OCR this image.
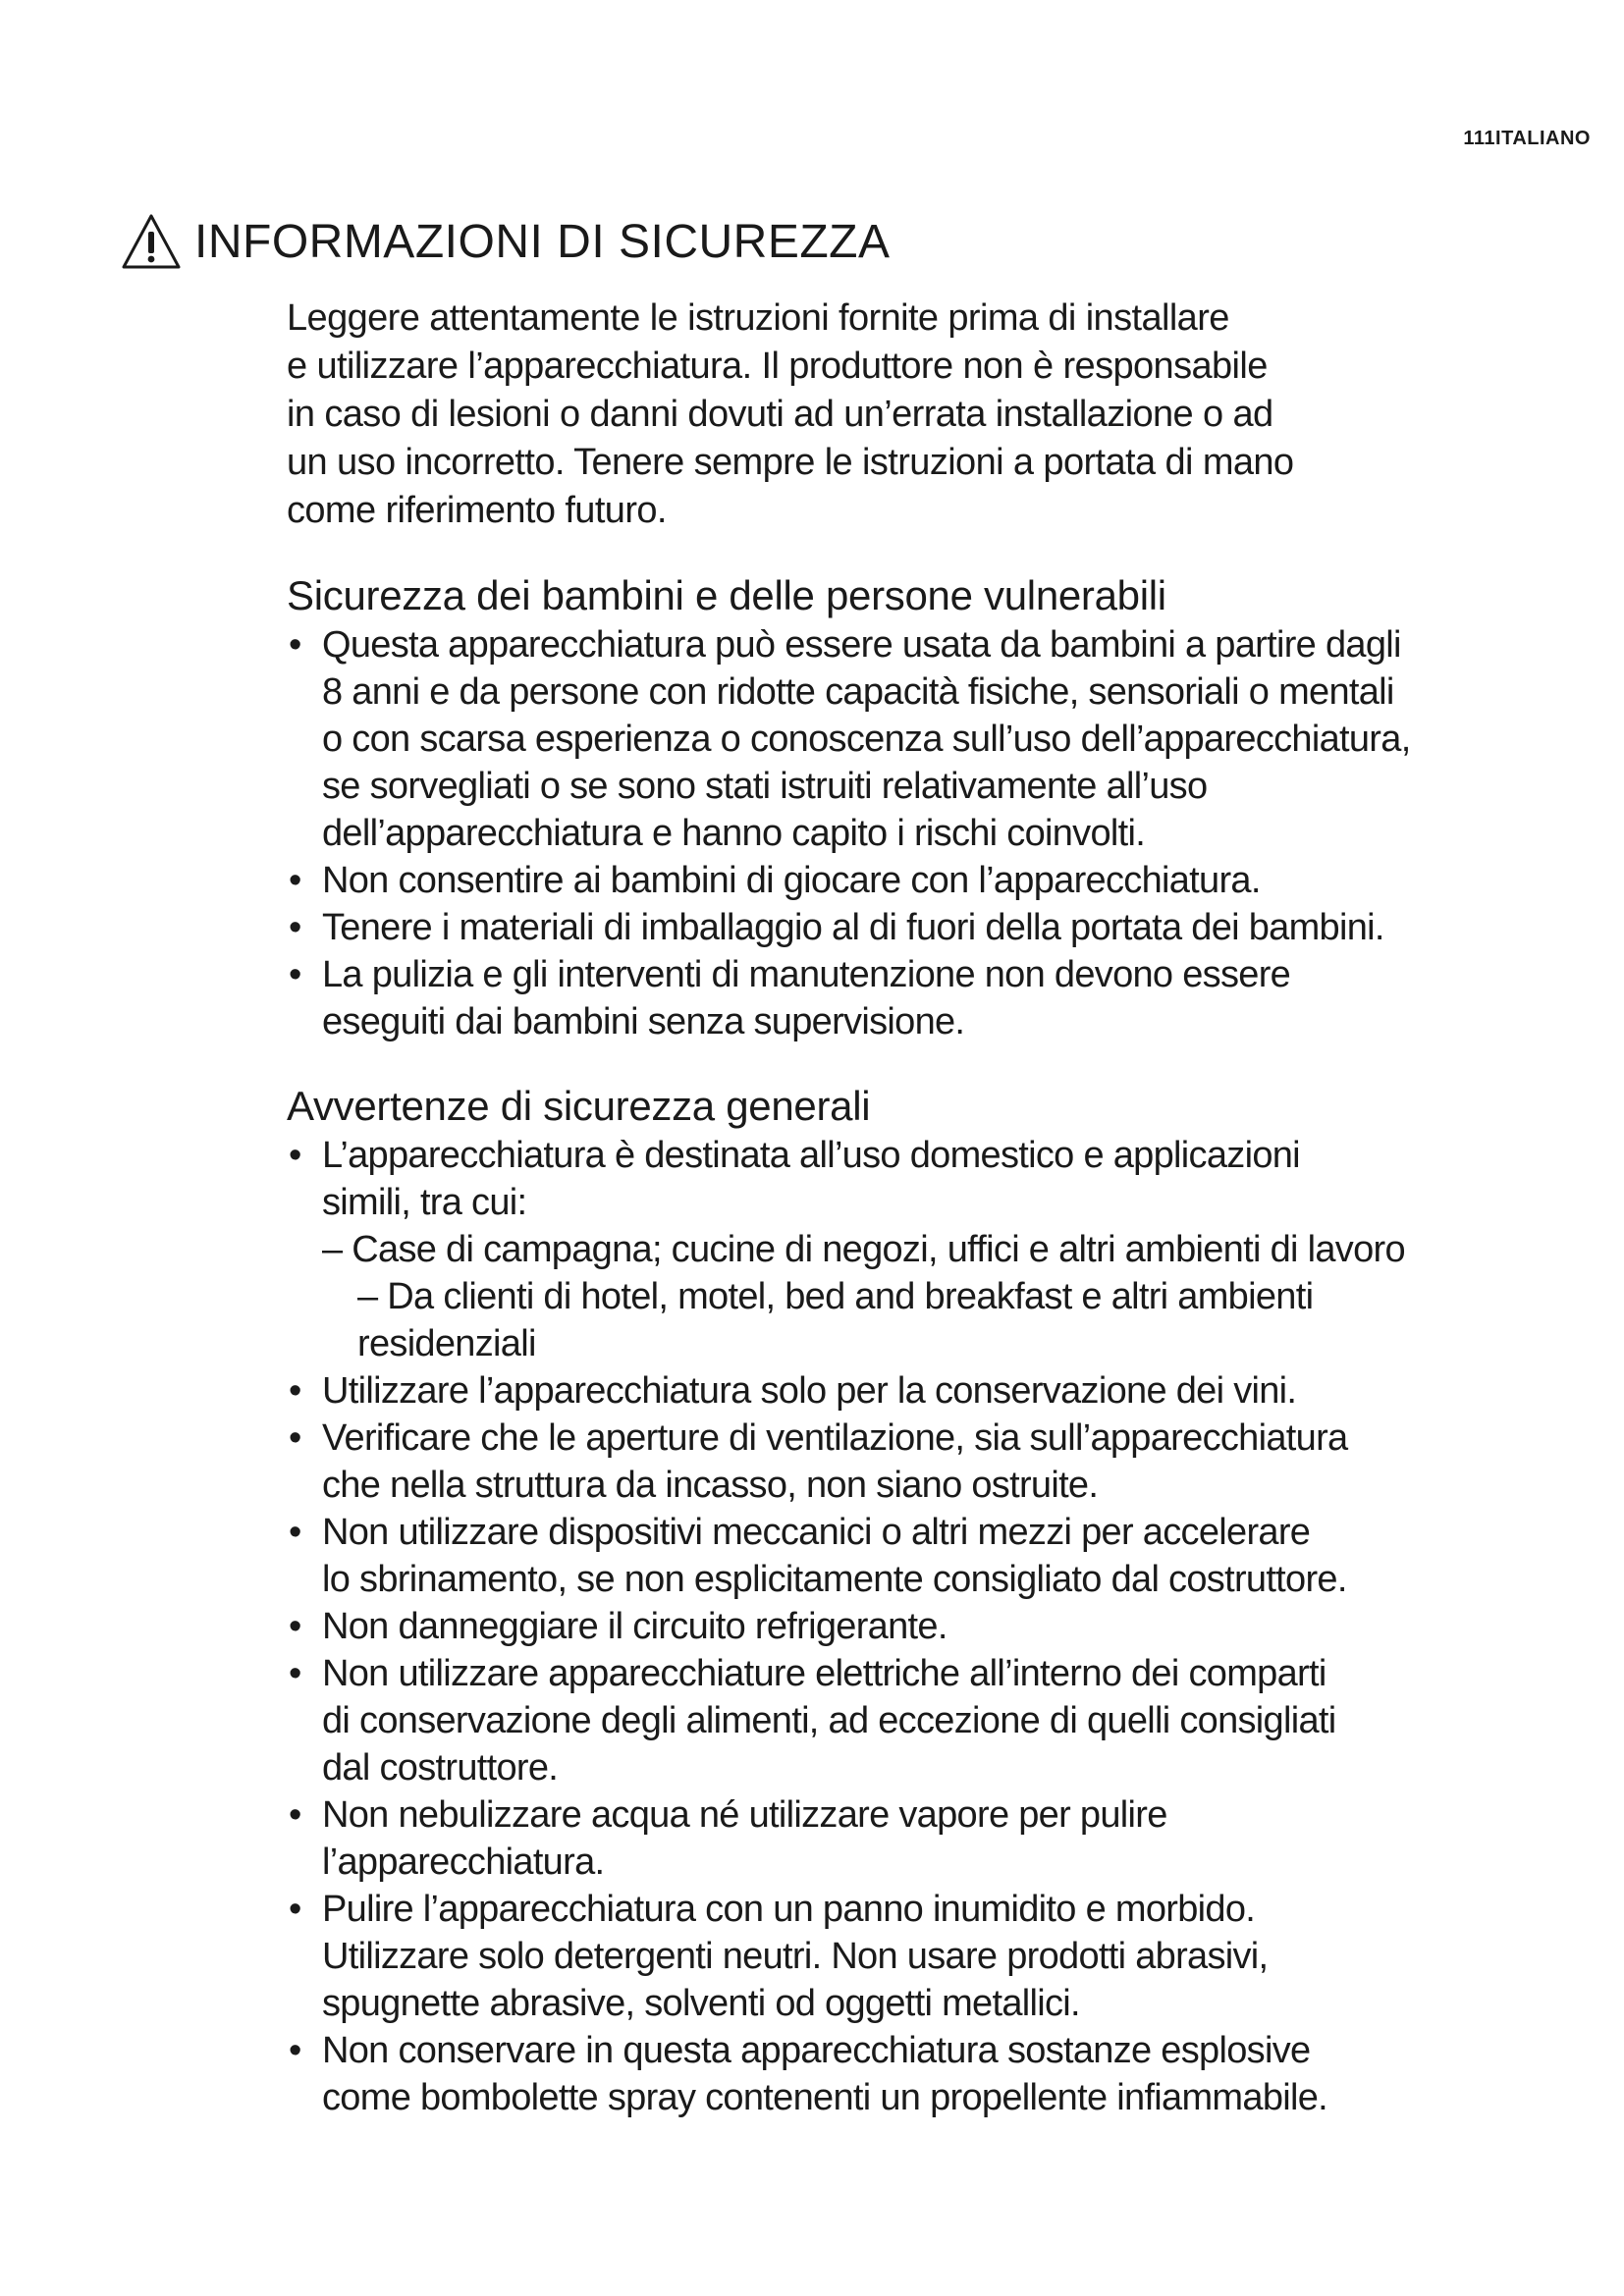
111ITALIANO
INFORMAZIONI DI SICUREZZA

Leggere attentamente le istruzioni fornite prima di installare
e utilizzare l’apparecchiatura. Il produttore non è responsabile
in caso di lesioni o danni dovuti ad un’errata installazione o ad
un uso incorretto. Tenere sempre le istruzioni a portata di mano
come riferimento futuro.

Sicurezza dei bambini e delle persone vulnerabili
• Questa apparecchiatura può essere usata da bambini a partire dagli
8 anni e da persone con ridotte capacità fisiche, sensoriali o mentali
o con scarsa esperienza o conoscenza sull’uso dell’apparecchiatura,
se sorvegliati o se sono stati istruiti relativamente all’uso
dell’apparecchiatura e hanno capito i rischi coinvolti.
• Non consentire ai bambini di giocare con l’apparecchiatura.
• Tenere i materiali di imballaggio al di fuori della portata dei bambini.
• La pulizia e gli interventi di manutenzione non devono essere
eseguiti dai bambini senza supervisione.
Avvertenze di sicurezza generali
• L’apparecchiatura è destinata all’uso domestico e applicazioni
simili, tra cui:
– Case di campagna; cucine di negozi, uffici e altri ambienti di lavoro
– Da clienti di hotel, motel, bed and breakfast e altri ambienti
residenziali
• Utilizzare l’apparecchiatura solo per la conservazione dei vini.
• Verificare che le aperture di ventilazione, sia sull’apparecchiatura
che nella struttura da incasso, non siano ostruite.
• Non utilizzare dispositivi meccanici o altri mezzi per accelerare
lo sbrinamento, se non esplicitamente consigliato dal costruttore.
• Non danneggiare il circuito refrigerante.
• Non utilizzare apparecchiature elettriche all’interno dei comparti
di conservazione degli alimenti, ad eccezione di quelli consigliati
dal costruttore.
• Non nebulizzare acqua né utilizzare vapore per pulire
l’apparecchiatura.
• Pulire l’apparecchiatura con un panno inumidito e morbido.
Utilizzare solo detergenti neutri. Non usare prodotti abrasivi,
spugnette abrasive, solventi od oggetti metallici.
• Non conservare in questa apparecchiatura sostanze esplosive
come bombolette spray contenenti un propellente infiammabile.
